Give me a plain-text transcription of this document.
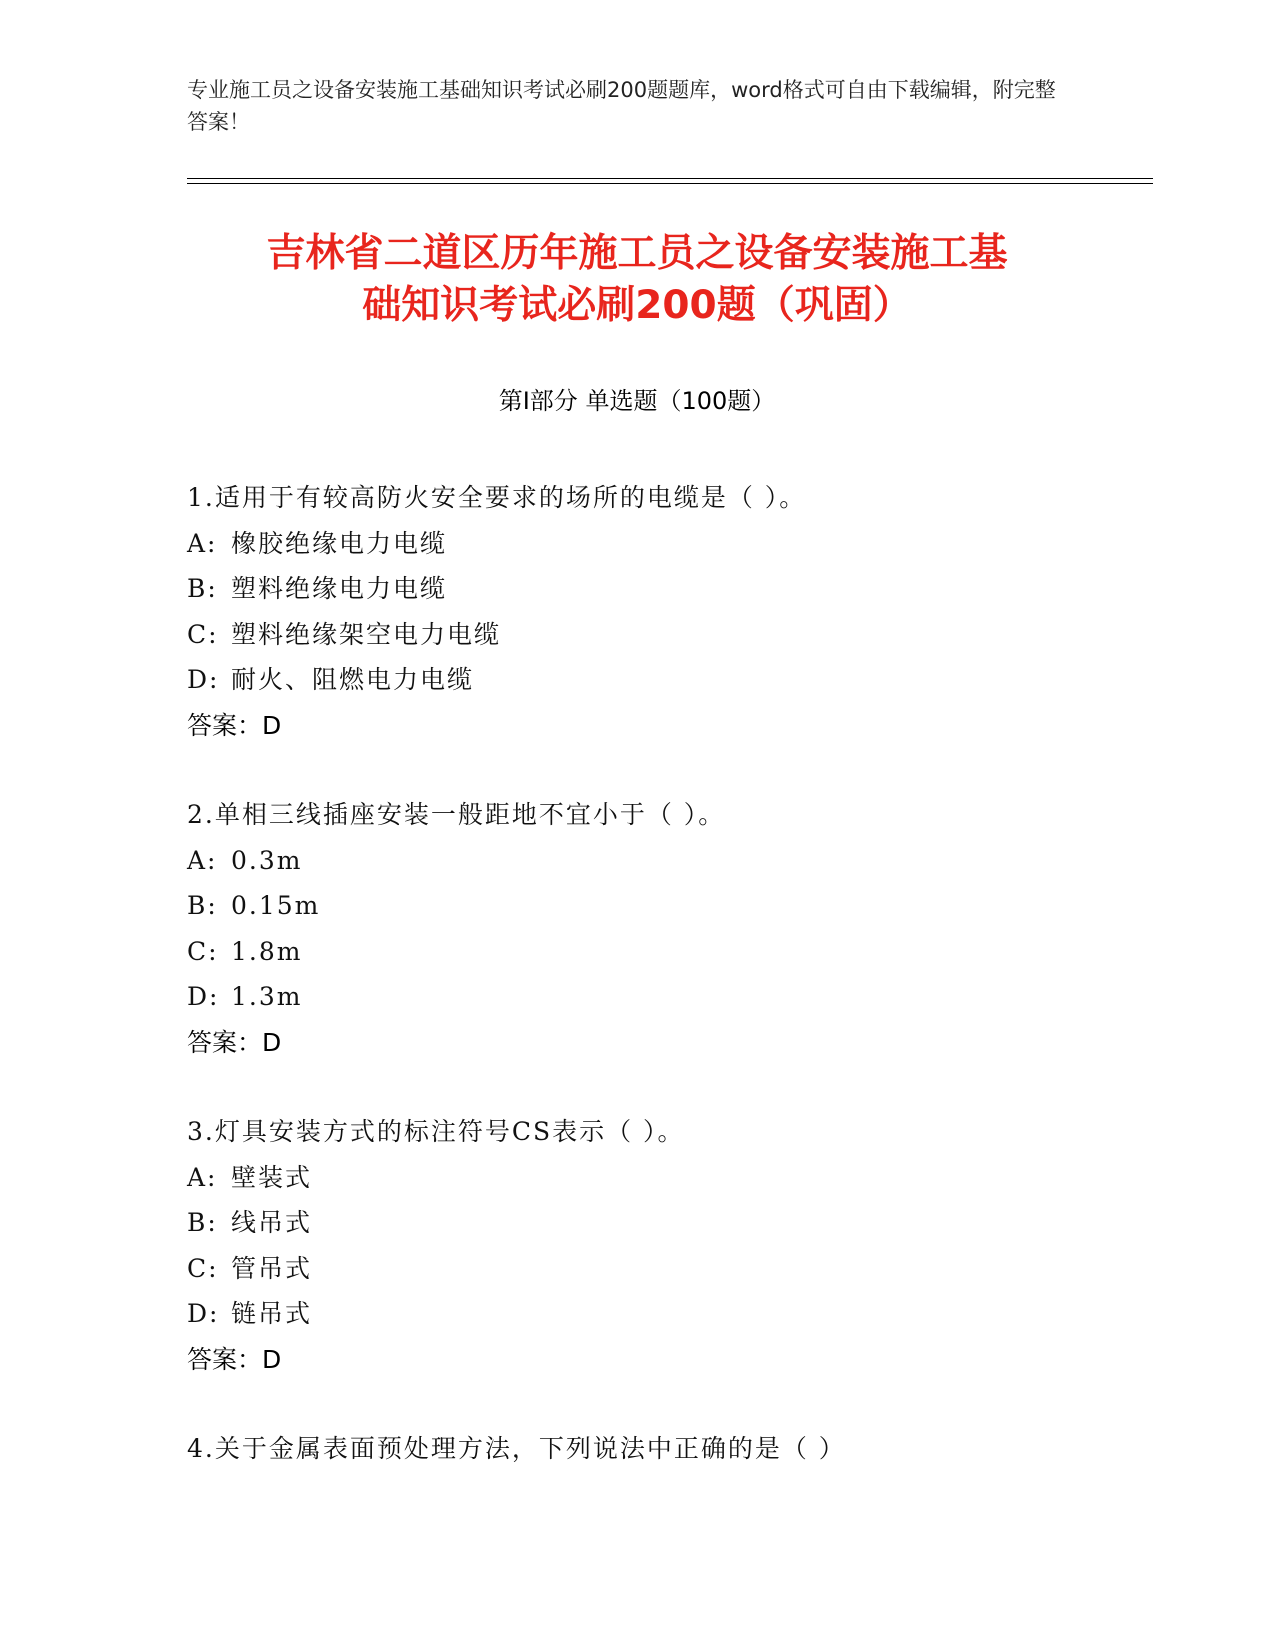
专业施工员之设备安装施工基础知识考试必刷200题题库，word格式可自由下载编辑，附完整答案！
吉林省二道区历年施工员之设备安装施工基
础知识考试必刷200题（巩固）
第I部分 单选题（100题）
1.适用于有较高防火安全要求的场所的电缆是（ ）。
A: 橡胶绝缘电力电缆
B: 塑料绝缘电力电缆
C: 塑料绝缘架空电力电缆
D: 耐火、阻燃电力电缆
答案：D
2.单相三线插座安装一般距地不宜小于（ ）。
A: 0.3m
B: 0.15m
C: 1.8m
D: 1.3m
答案：D
3.灯具安装方式的标注符号CS表示（ ）。
A: 壁装式
B: 线吊式
C: 管吊式
D: 链吊式
答案：D
4.关于金属表面预处理方法，下列说法中正确的是（ ）
